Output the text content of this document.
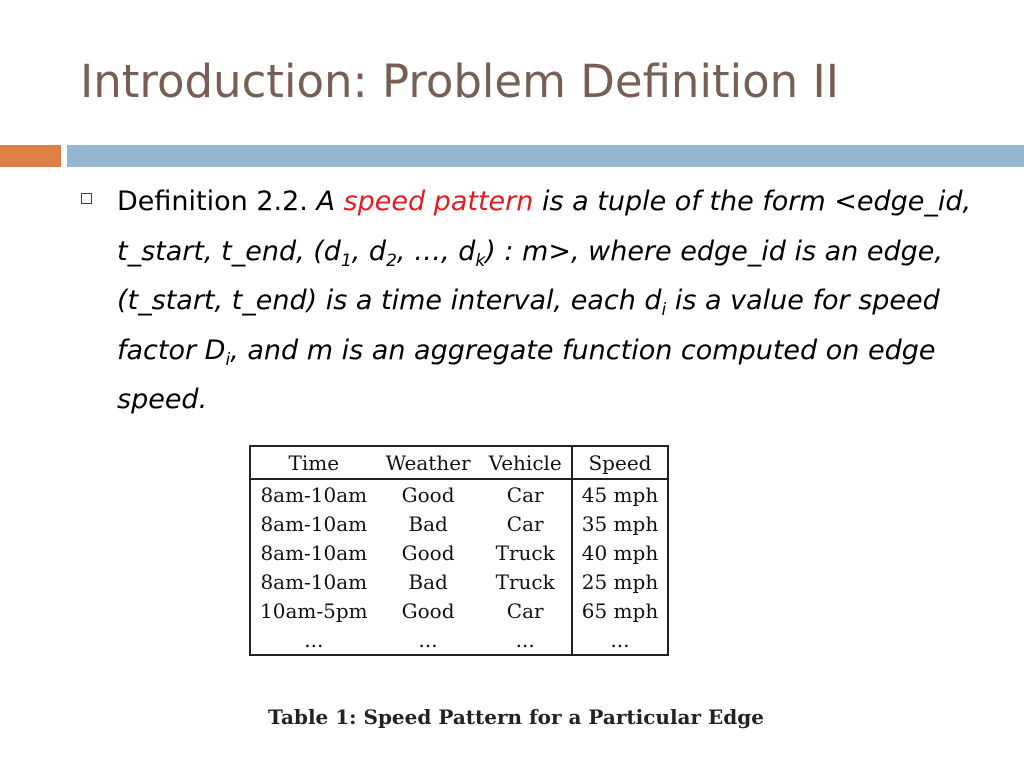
Introduction: Problem Definition II

Definition 2.2. A speed pattern is a tuple of the form <edge_id, t_start, t_end, ($d_1$, $d_2$, …, $d_k$) : m>, where edge_id is an edge, (t_start, t_end) is a time interval, each $d_i$ is a value for speed factor $D_i$, and m is an aggregate function computed on edge speed.

Time	Weather	Vehicle	Speed
8am-10am	Good	Car	45 mph
8am-10am	Bad	Car	35 mph
8am-10am	Good	Truck	40 mph
8am-10am	Bad	Truck	25 mph
10am-5pm	Good	Car	65 mph
...	...	...	...

Table 1: Speed Pattern for a Particular Edge
